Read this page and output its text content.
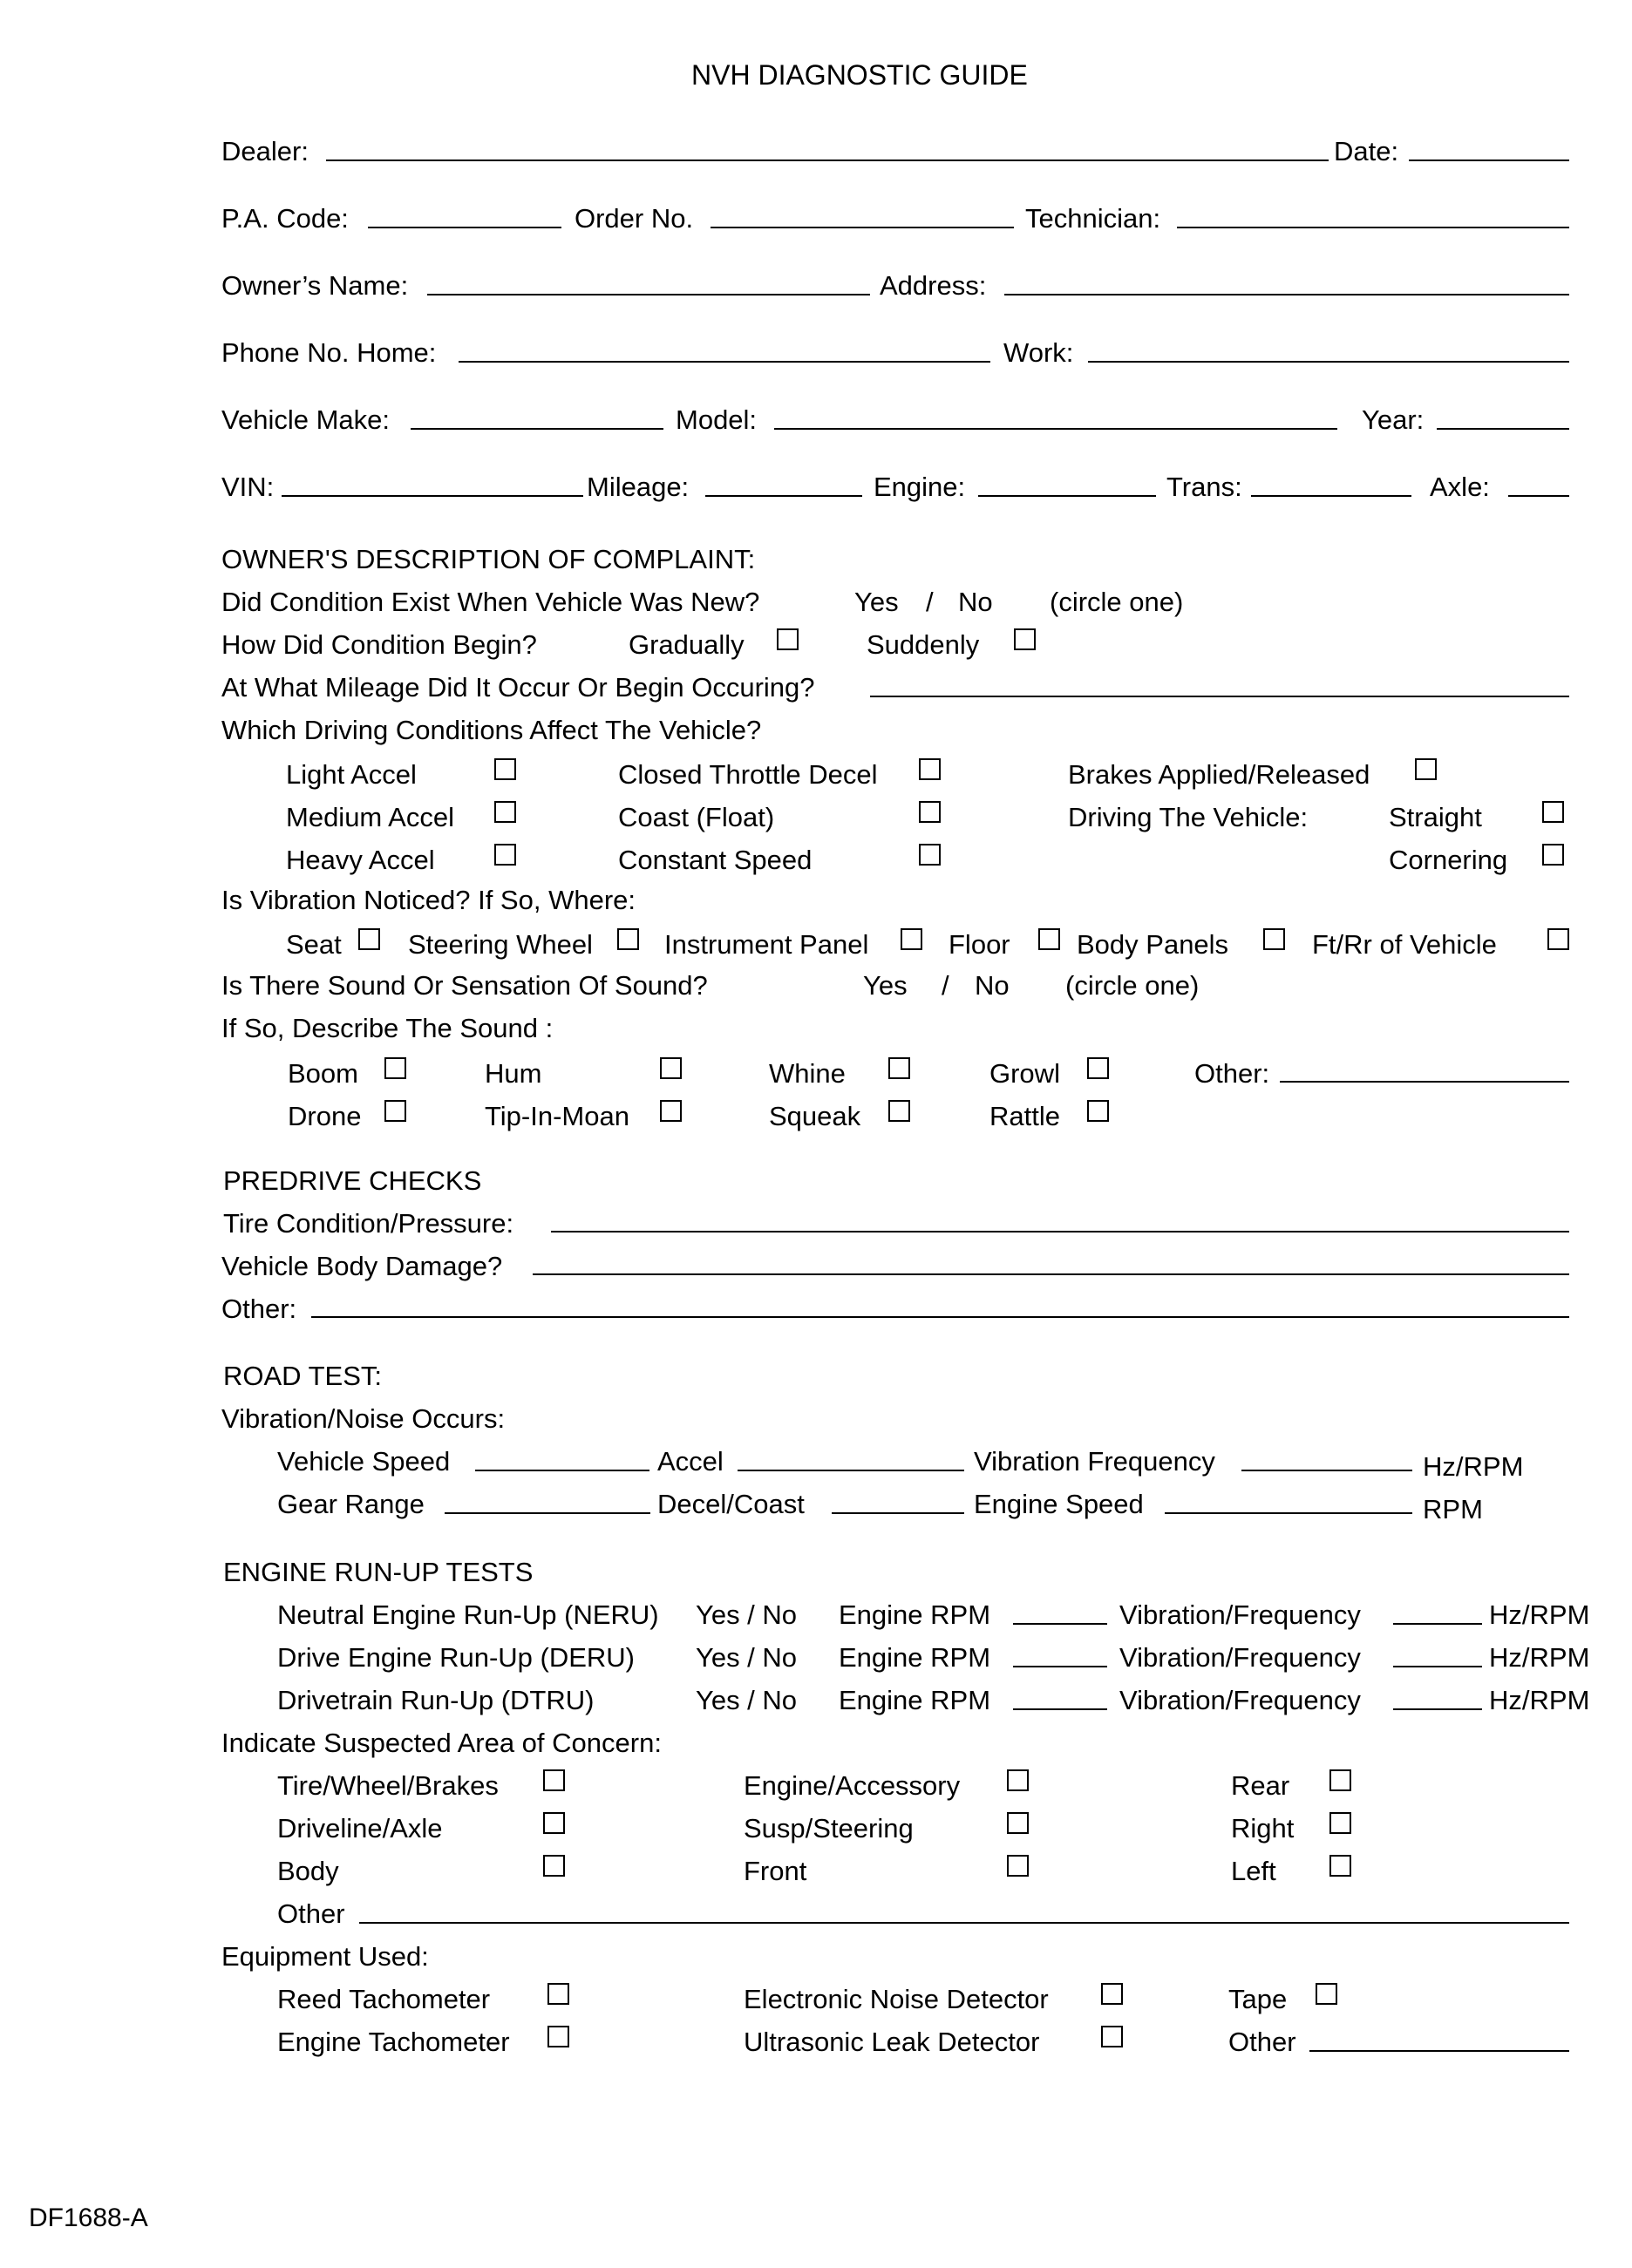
NVH DIAGNOSTIC GUIDE
Dealer:	Date:
P.A. Code:	Order No.	Technician:
Owner’s Name:	Address:
Phone No. Home:	Work:
Vehicle Make:	Model:	Year:
VIN:	Mileage:	Engine:	Trans:	Axle:
OWNER'S DESCRIPTION OF COMPLAINT:
Did Condition Exist When Vehicle Was New?	Yes / No (circle one)
How Did Condition Begin?	Gradually	Suddenly
At What Mileage Did It Occur Or Begin Occuring?
Which Driving Conditions Affect The Vehicle?
Light Accel	Closed Throttle Decel	Brakes Applied/Released
Medium Accel	Coast (Float)	Driving The Vehicle:	Straight
Heavy Accel	Constant Speed	Cornering
Is Vibration Noticed? If So, Where:
Seat Steering Wheel	Instrument Panel	Floor Body Panels	Ft/Rr of Vehicle
Is There Sound Or Sensation Of Sound?	Yes / No (circle one)
If So, Describe The Sound :
Boom	Hum	Whine	Growl	Other:
Drone	Tip-In-Moan	Squeak	Rattle
PREDRIVE CHECKS
Tire Condition/Pressure:
Vehicle Body Damage?
Other:
ROAD TEST:
Vibration/Noise Occurs:
Vehicle Speed	Accel	Vibration Frequency	Hz/RPM
Gear Range	Decel/Coast	Engine Speed	RPM
ENGINE RUN-UP TESTS
Neutral Engine Run-Up (NERU) Yes / No Engine RPM	Vibration/Frequency	Hz/RPM
Drive Engine Run-Up (DERU) Yes / No Engine RPM	Vibration/Frequency	Hz/RPM
Drivetrain Run-Up (DTRU)	Yes / No Engine RPM	Vibration/Frequency	Hz/RPM
Indicate Suspected Area of Concern:
Tire/Wheel/Brakes	Engine/Accessory	Rear
Driveline/Axle	Susp/Steering	Right
Body	Front	Left
Other
Equipment Used:
Reed Tachometer	Electronic Noise Detector	Tape
Engine Tachometer	Ultrasonic Leak Detector	Other
DF1688-A
